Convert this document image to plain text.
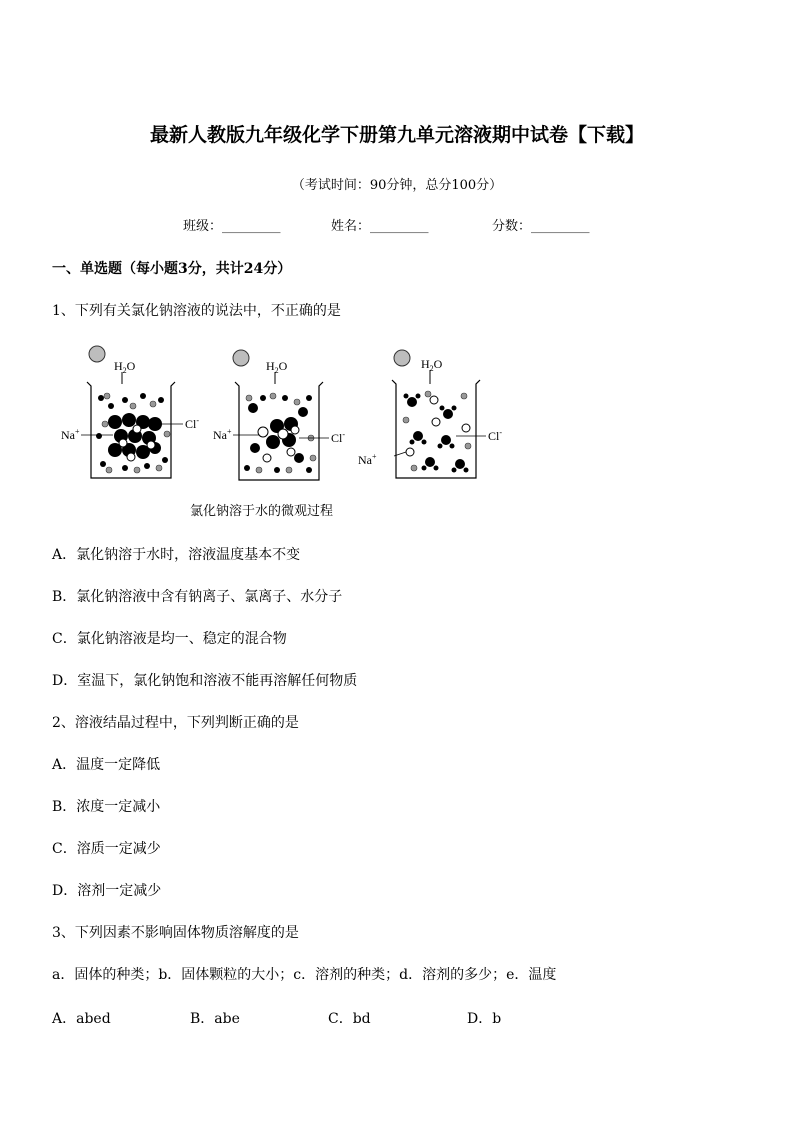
最新人教版九年级化学下册第九单元溶液期中试卷【下载】
（考试时间：90分钟，总分100分）
班级：_________	姓名：_________	分数：_________
一、单选题（每小题3分，共计24分）
1、下列有关氯化钠溶液的说法中，不正确的是
$H_2O$
Na+
Cl-
$H_2O$
Na+	Cl-
$H_2O$
Na+
Cl-
氯化钠溶于水的微观过程
A．氯化钠溶于水时，溶液温度基本不变
B．氯化钠溶液中含有钠离子、氯离子、水分子
C．氯化钠溶液是均一、稳定的混合物
D．室温下，氯化钠饱和溶液不能再溶解任何物质
2、溶液结晶过程中，下列判断正确的是
A．温度一定降低
B．浓度一定减小
C．溶质一定减少
D．溶剂一定减少
3、下列因素不影响固体物质溶解度的是
a．固体的种类；b．固体颗粒的大小；c．溶剂的种类；d．溶剂的多少；e．温度
A．abed	B．abe	C．bd	D．b
